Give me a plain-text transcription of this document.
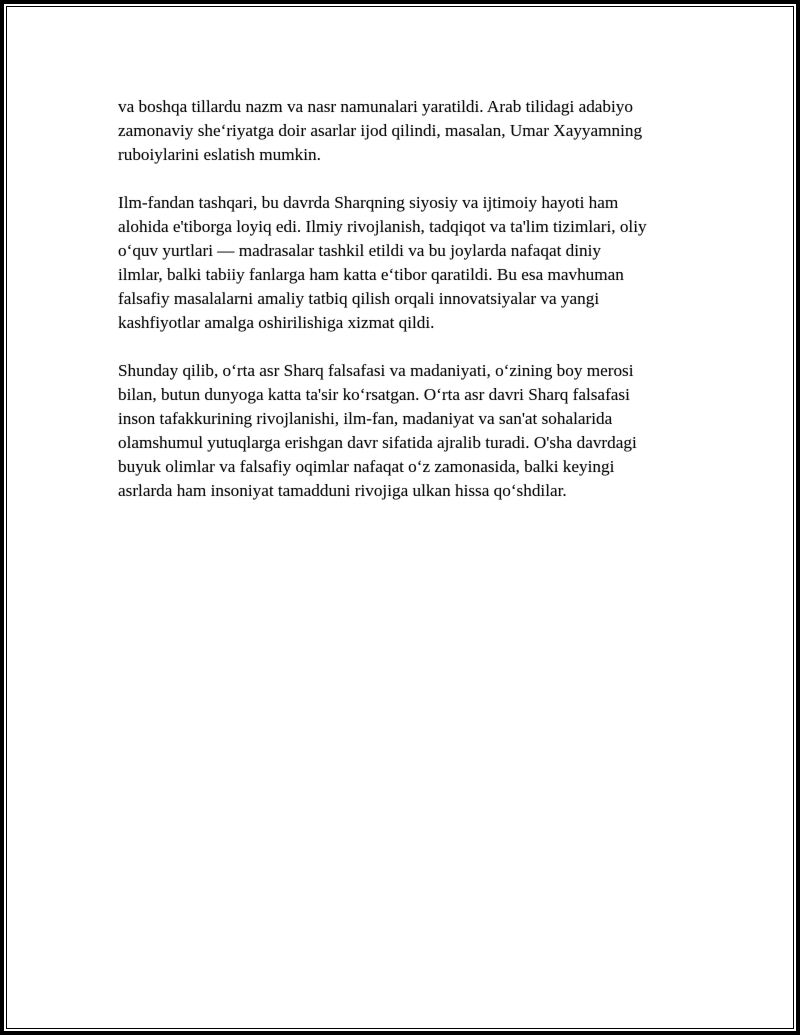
va boshqa tillardu nazm va nasr namunalari yaratildi. Arab tilidagi adabiyo
zamonaviy she‘riyatga doir asarlar ijod qilindi, masalan, Umar Xayyamning
ruboiylarini eslatish mumkin.

Ilm-fandan tashqari, bu davrda Sharqning siyosiy va ijtimoiy hayoti ham
alohida e'tiborga loyiq edi. Ilmiy rivojlanish, tadqiqot va ta'lim tizimlari, oliy
o‘quv yurtlari — madrasalar tashkil etildi va bu joylarda nafaqat diniy
ilmlar, balki tabiiy fanlarga ham katta e‘tibor qaratildi. Bu esa mavhuman
falsafiy masalalarni amaliy tatbiq qilish orqali innovatsiyalar va yangi
kashfiyotlar amalga oshirilishiga xizmat qildi.

Shunday qilib, o‘rta asr Sharq falsafasi va madaniyati, o‘zining boy merosi
bilan, butun dunyoga katta ta'sir ko‘rsatgan. O‘rta asr davri Sharq falsafasi
inson tafakkurining rivojlanishi, ilm-fan, madaniyat va san'at sohalarida
olamshumul yutuqlarga erishgan davr sifatida ajralib turadi. O'sha davrdagi
buyuk olimlar va falsafiy oqimlar nafaqat o‘z zamonasida, balki keyingi
asrlarda ham insoniyat tamadduni rivojiga ulkan hissa qo‘shdilar.
